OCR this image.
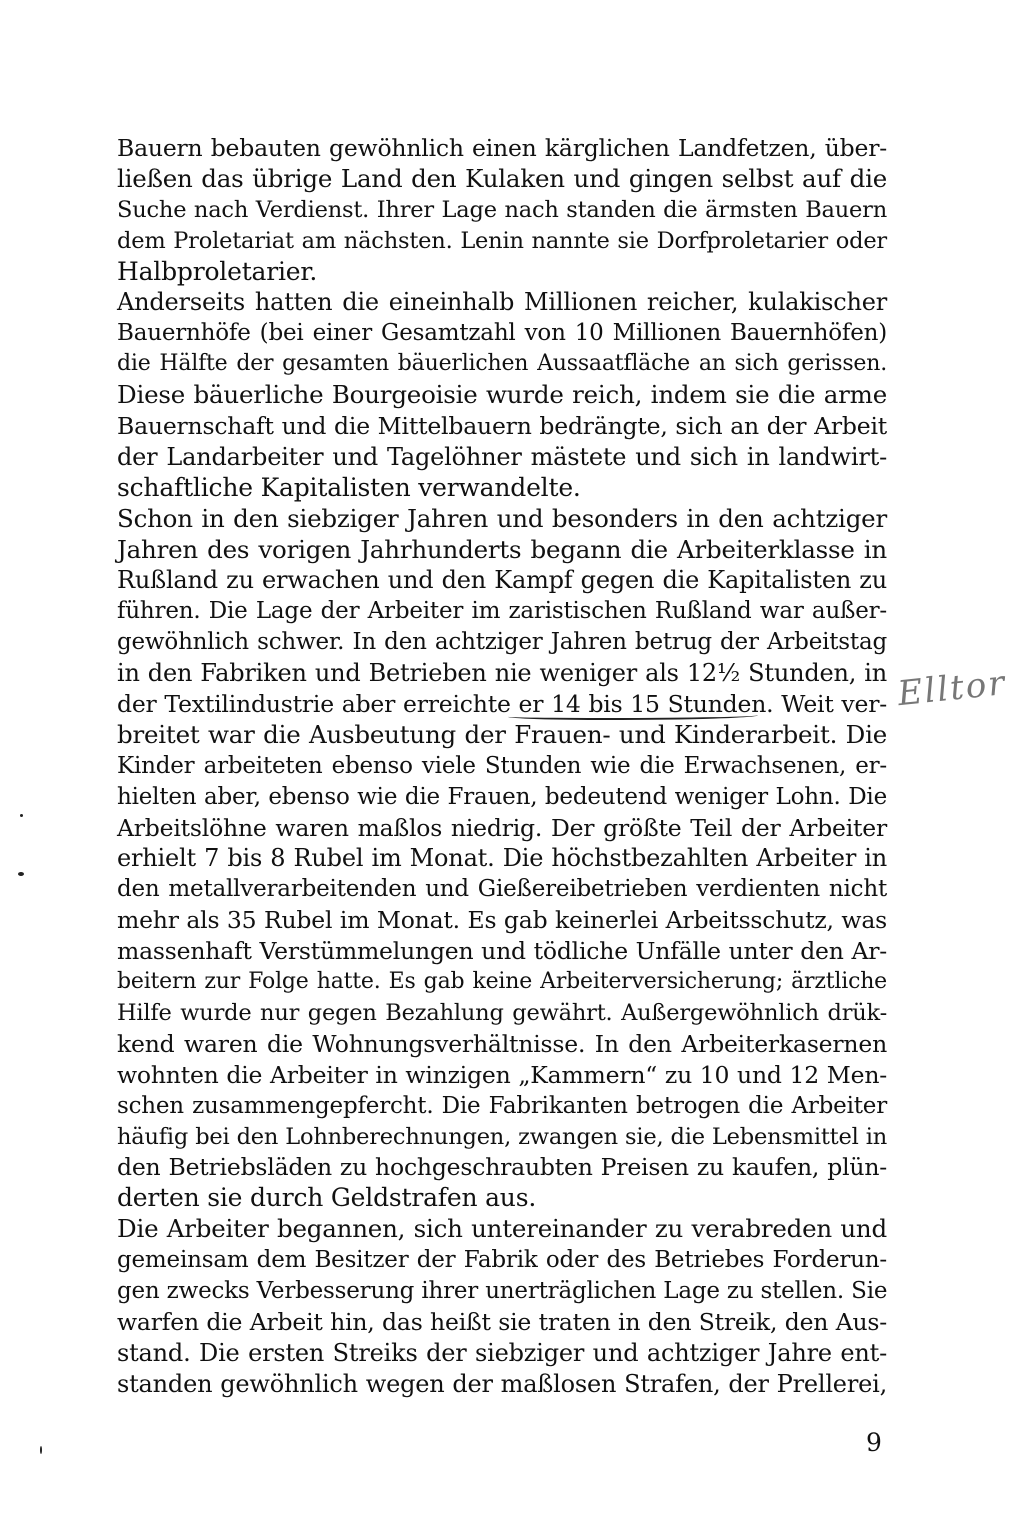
Bauern bebauten gewöhnlich einen kärglichen Landfetzen, über-
ließen das übrige Land den Kulaken und gingen selbst auf die
Suche nach Verdienst. Ihrer Lage nach standen die ärmsten Bauern
dem Proletariat am nächsten. Lenin nannte sie Dorfproletarier oder
Halbproletarier.
Anderseits hatten die eineinhalb Millionen reicher, kulakischer
Bauernhöfe (bei einer Gesamtzahl von 10 Millionen Bauernhöfen)
die Hälfte der gesamten bäuerlichen Aussaatfläche an sich gerissen.
Diese bäuerliche Bourgeoisie wurde reich, indem sie die arme
Bauernschaft und die Mittelbauern bedrängte, sich an der Arbeit
der Landarbeiter und Tagelöhner mästete und sich in landwirt-
schaftliche Kapitalisten verwandelte.
Schon in den siebziger Jahren und besonders in den achtziger
Jahren des vorigen Jahrhunderts begann die Arbeiterklasse in
Rußland zu erwachen und den Kampf gegen die Kapitalisten zu
führen. Die Lage der Arbeiter im zaristischen Rußland war außer-
gewöhnlich schwer. In den achtziger Jahren betrug der Arbeitstag
in den Fabriken und Betrieben nie weniger als 12½ Stunden, in
der Textilindustrie aber erreichte er 14 bis 15 Stunden. Weit ver-
breitet war die Ausbeutung der Frauen- und Kinderarbeit. Die
Kinder arbeiteten ebenso viele Stunden wie die Erwachsenen, er-
hielten aber, ebenso wie die Frauen, bedeutend weniger Lohn. Die
Arbeitslöhne waren maßlos niedrig. Der größte Teil der Arbeiter
erhielt 7 bis 8 Rubel im Monat. Die höchstbezahlten Arbeiter in
den metallverarbeitenden und Gießereibetrieben verdienten nicht
mehr als 35 Rubel im Monat. Es gab keinerlei Arbeitsschutz, was
massenhaft Verstümmelungen und tödliche Unfälle unter den Ar-
beitern zur Folge hatte. Es gab keine Arbeiterversicherung; ärztliche
Hilfe wurde nur gegen Bezahlung gewährt. Außergewöhnlich drük-
kend waren die Wohnungsverhältnisse. In den Arbeiterkasernen
wohnten die Arbeiter in winzigen „Kammern“ zu 10 und 12 Men-
schen zusammengepfercht. Die Fabrikanten betrogen die Arbeiter
häufig bei den Lohnberechnungen, zwangen sie, die Lebensmittel in
den Betriebsläden zu hochgeschraubten Preisen zu kaufen, plün-
derten sie durch Geldstrafen aus.
Die Arbeiter begannen, sich untereinander zu verabreden und
gemeinsam dem Besitzer der Fabrik oder des Betriebes Forderun-
gen zwecks Verbesserung ihrer unerträglichen Lage zu stellen. Sie
warfen die Arbeit hin, das heißt sie traten in den Streik, den Aus-
stand. Die ersten Streiks der siebziger und achtziger Jahre ent-
standen gewöhnlich wegen der maßlosen Strafen, der Prellerei,
Elltor
9
